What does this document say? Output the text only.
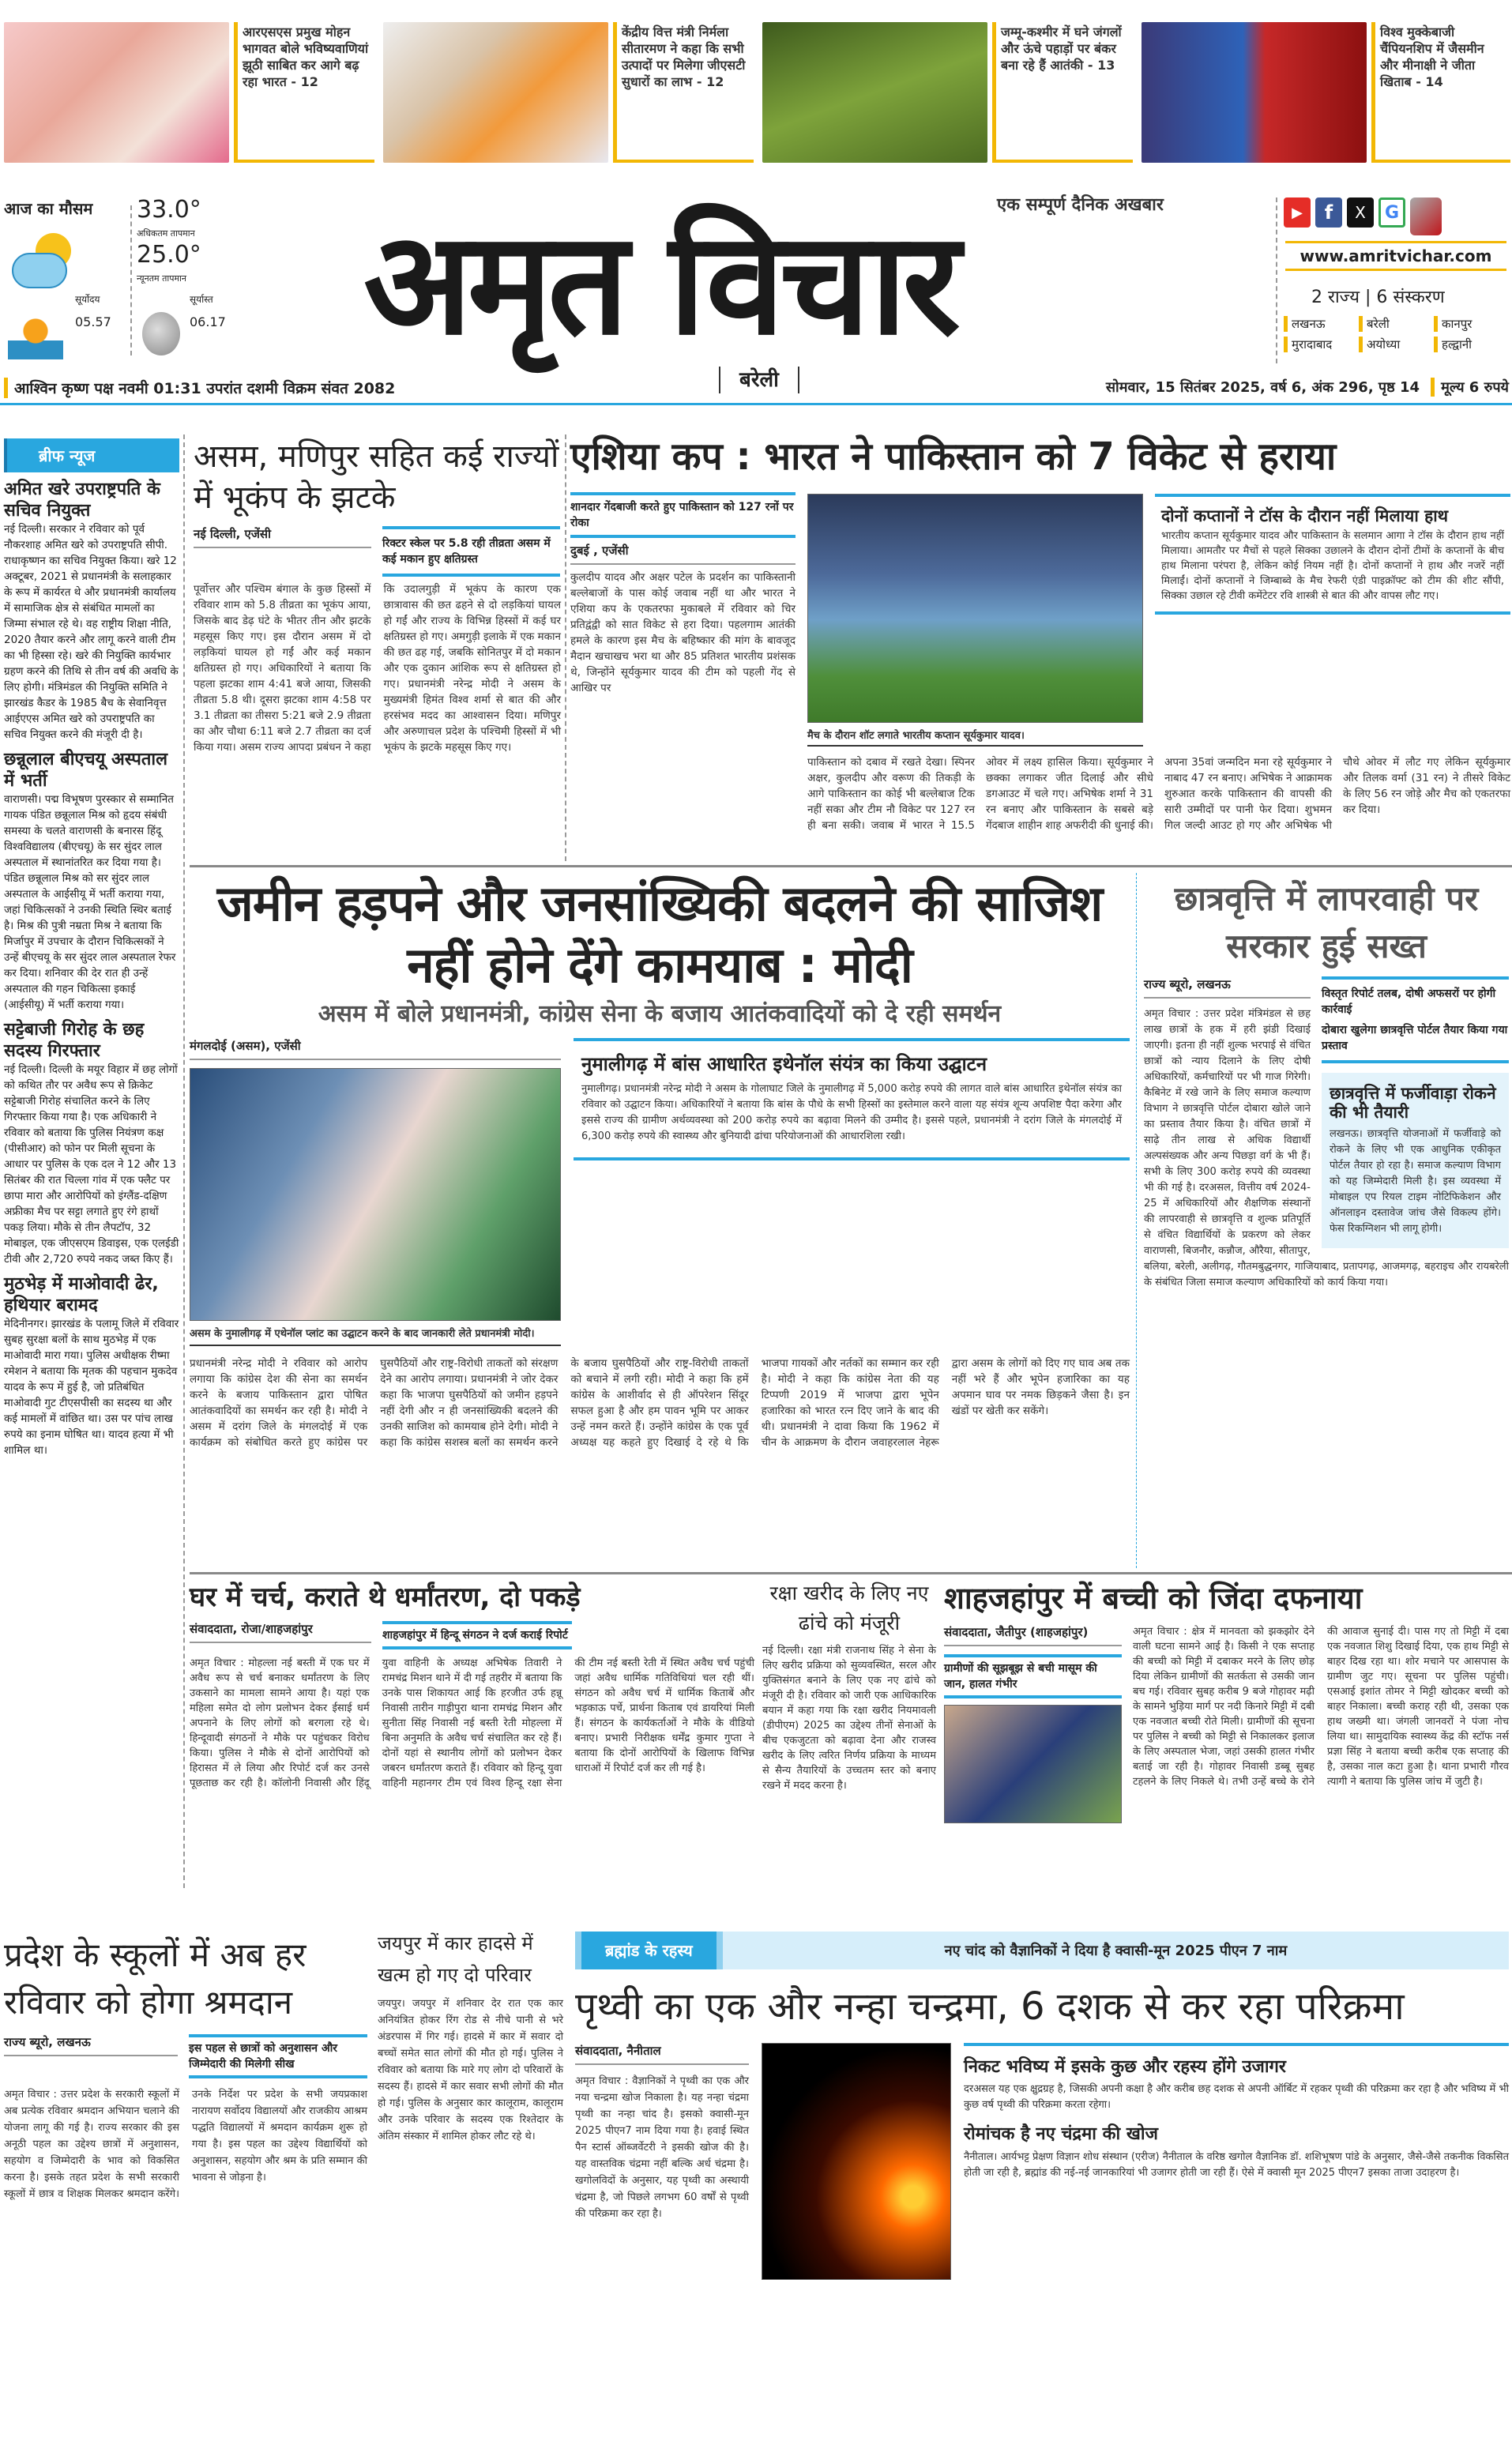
आरएसएस प्रमुख मोहन भागवत बोले भविष्यवाणियां झूठी साबित कर आगे बढ़ रहा भारत - 12
केंद्रीय वित्त मंत्री निर्मला सीतारमण ने कहा कि सभी उत्पादों पर मिलेगा जीएसटी सुधारों का लाभ - 12
जम्मू-कश्मीर में घने जंगलों और ऊंचे पहाड़ों पर बंकर बना रहे हैं आतंकी - 13
विश्व मुक्केबाजी चैंपियनशिप में जैसमीन और मीनाक्षी ने जीता खिताब - 14
आज का मौसम	33.0°
अधिकतम तापमान
25.0°
न्यूनतम तापमान
सूर्योदय
05.57
सूर्यास्त
06.17 अमृत विचार	एक सम्पूर्ण दैनिक अखबार
बरेली
▶	f	X	G
www.amritvichar.com
2 राज्य | 6 संस्करण
लखनऊ	बरेली	कानपुर
मुरादाबाद	अयोध्या	हल्द्वानी
आश्विन कृष्ण पक्ष नवमी 01:31 उपरांत दशमी विक्रम संवत 2082	सोमवार, 15 सितंबर 2025, वर्ष 6, अंक 296, पृष्ठ 14	मूल्य 6 रुपये
ब्रीफ न्यूज
अमित खरे उपराष्ट्रपति के सचिव नियुक्त

नई दिल्ली। सरकार ने रविवार को पूर्व नौकरशाह अमित खरे को उपराष्ट्रपति सीपी. राधाकृष्णन का सचिव नियुक्त किया। खरे 12 अक्टूबर, 2021 से प्रधानमंत्री के सलाहकार के रूप में कार्यरत थे और प्रधानमंत्री कार्यालय में सामाजिक क्षेत्र से संबंधित मामलों का जिम्मा संभाल रहे थे। वह राष्ट्रीय शिक्षा नीति, 2020 तैयार करने और लागू करने वाली टीम का भी हिस्सा रहे। खरे की नियुक्ति कार्यभार ग्रहण करने की तिथि से तीन वर्ष की अवधि के लिए होगी। मंत्रिमंडल की नियुक्ति समिति ने झारखंड कैडर के 1985 बैच के सेवानिवृत्त आईएएस अमित खरे को उपराष्ट्रपति का सचिव नियुक्त करने की मंजूरी दी है।

छन्नूलाल बीएचयू अस्पताल में भर्ती

वाराणसी। पद्म विभूषण पुरस्कार से सम्मानित गायक पंडित छन्नूलाल मिश्र को हृदय संबंधी समस्या के चलते वाराणसी के बनारस हिंदू विश्वविद्यालय (बीएचयू) के सर सुंदर लाल अस्पताल में स्थानांतरित कर दिया गया है। पंडित छन्नूलाल मिश्र को सर सुंदर लाल अस्पताल के आईसीयू में भर्ती कराया गया, जहां चिकित्सकों ने उनकी स्थिति स्थिर बताई है। मिश्र की पुत्री नम्रता मिश्र ने बताया कि मिर्जापुर में उपचार के दौरान चिकित्सकों ने उन्हें बीएचयू के सर सुंदर लाल अस्पताल रेफर कर दिया। शनिवार की देर रात ही उन्हें अस्पताल की गहन चिकित्सा इकाई (आईसीयू) में भर्ती कराया गया।

सट्टेबाजी गिरोह के छह सदस्य गिरफ्तार

नई दिल्ली। दिल्ली के मयूर विहार में छह लोगों को कथित तौर पर अवैध रूप से क्रिकेट सट्टेबाजी गिरोह संचालित करने के लिए गिरफ्तार किया गया है। एक अधिकारी ने रविवार को बताया कि पुलिस नियंत्रण कक्ष (पीसीआर) को फोन पर मिली सूचना के आधार पर पुलिस के एक दल ने 12 और 13 सितंबर की रात चिल्ला गांव में एक फ्लैट पर छापा मारा और आरोपियों को इंग्लैंड-दक्षिण अफ्रीका मैच पर सट्टा लगाते हुए रंगे हाथों पकड़ लिया। मौके से तीन लैपटॉप, 32 मोबाइल, एक जीएसएम डिवाइस, एक एलईडी टीवी और 2,720 रुपये नकद जब्त किए हैं।

मुठभेड़ में माओवादी ढेर, हथियार बरामद

मेदिनीनगर। झारखंड के पलामू जिले में रविवार सुबह सुरक्षा बलों के साथ मुठभेड़ में एक माओवादी मारा गया। पुलिस अधीक्षक रीष्मा रमेशन ने बताया कि मृतक की पहचान मुकदेव यादव के रूप में हुई है, जो प्रतिबंधित माओवादी गुट टीएसपीसी का सदस्य था और कई मामलों में वांछित था। उस पर पांच लाख रुपये का इनाम घोषित था। यादव हत्या में भी शामिल था।

असम, मणिपुर सहित कई राज्यों में भूकंप के झटके
नई दिल्ली, एजेंसी
रिक्टर स्केल पर 5.8 रही तीव्रता असम में कई मकान हुए क्षतिग्रस्त
पूर्वोत्तर और पश्चिम बंगाल के कुछ हिस्सों में रविवार शाम को 5.8 तीव्रता का भूकंप आया, जिसके बाद डेढ़ घंटे के भीतर तीन और झटके महसूस किए गए। इस दौरान असम में दो लड़कियां घायल हो गईं और कई मकान क्षतिग्रस्त हो गए। अधिकारियों ने बताया कि पहला झटका शाम 4:41 बजे आया, जिसकी तीव्रता 5.8 थी। दूसरा झटका शाम 4:58 पर 3.1 तीव्रता का तीसरा 5:21 बजे 2.9 तीव्रता का और चौथा 6:11 बजे 2.7 तीव्रता का दर्ज किया गया। असम राज्य आपदा प्रबंधन ने कहा कि उदालगुड़ी में भूकंप के कारण एक छात्रावास की छत ढहने से दो लड़कियां घायल हो गईं और राज्य के विभिन्न हिस्सों में कई घर क्षतिग्रस्त हो गए। अमगुड़ी इलाके में एक मकान की छत ढह गई, जबकि सोनितपुर में दो मकान और एक दुकान आंशिक रूप से क्षतिग्रस्त हो गए। प्रधानमंत्री नरेन्द्र मोदी ने असम के मुख्यमंत्री हिमंत विश्व शर्मा से बात की और हरसंभव मदद का आश्वासन दिया। मणिपुर और अरुणाचल प्रदेश के पश्चिमी हिस्सों में भी भूकंप के झटके महसूस किए गए।
एशिया कप : भारत ने पाकिस्तान को 7 विकेट से हराया
शानदार गेंदबाजी करते हुए पाकिस्तान को 127 रनों पर रोका
दुबई , एजेंसी
कुलदीप यादव और अक्षर पटेल के प्रदर्शन का पाकिस्तानी बल्लेबाजों के पास कोई जवाब नहीं था और भारत ने एशिया कप के एकतरफा मुकाबले में रविवार को चिर प्रतिद्वंद्वी को सात विकेट से हरा दिया। पहलगाम आतंकी हमले के कारण इस मैच के बहिष्कार की मांग के बावजूद मैदान खचाखच भरा था और 85 प्रतिशत भारतीय प्रशंसक थे, जिन्होंने सूर्यकुमार यादव की टीम को पहली गेंद से आखिर पर
मैच के दौरान शॉट लगाते भारतीय कप्तान सूर्यकुमार यादव।
दोनों कप्तानों ने टॉस के दौरान नहीं मिलाया हाथ
भारतीय कप्तान सूर्यकुमार यादव और पाकिस्तान के सलमान आगा ने टॉस के दौरान हाथ नहीं मिलाया। आमतौर पर मैचों से पहले सिक्का उछालने के दौरान दोनों टीमों के कप्तानों के बीच हाथ मिलाना परंपरा है, लेकिन कोई नियम नहीं है। दोनों कप्तानों ने हाथ और नजरें नहीं मिलाईं। दोनों कप्तानों ने जिम्बाब्वे के मैच रेफरी एंडी पाइक्रॉफ्ट को टीम की शीट सौंपी, सिक्का उछाल रहे टीवी कमेंटेटर रवि शास्त्री से बात की और वापस लौट गए।
पाकिस्तान को दबाव में रखते देखा। स्पिनर अक्षर, कुलदीप और वरूण की तिकड़ी के आगे पाकिस्तान का कोई भी बल्लेबाज टिक नहीं सका और टीम नौ विकेट पर 127 रन ही बना सकी। जवाब में भारत ने 15.5 ओवर में लक्ष्य हासिल किया। सूर्यकुमार ने छक्का लगाकर जीत दिलाई और सीधे डगआउट में चले गए। अभिषेक शर्मा ने 31 रन बनाए और पाकिस्तान के सबसे बड़े गेंदबाज शाहीन शाह अफरीदी की धुनाई की। अपना 35वां जन्मदिन मना रहे सूर्यकुमार ने नाबाद 47 रन बनाए। अभिषेक ने आक्रामक शुरुआत करके पाकिस्तान की वापसी की सारी उम्मीदों पर पानी फेर दिया। शुभमन गिल जल्दी आउट हो गए और अभिषेक भी चौथे ओवर में लौट गए लेकिन सूर्यकुमार और तिलक वर्मा (31 रन) ने तीसरे विकेट के लिए 56 रन जोड़े और मैच को एकतरफा कर दिया।
जमीन हड़पने और जनसांख्यिकी बदलने की साजिश नहीं होने देंगे कामयाब : मोदी
असम में बोले प्रधानमंत्री, कांग्रेस सेना के बजाय आतंकवादियों को दे रही समर्थन
मंगलदोई (असम), एजेंसी
असम के नुमालीगढ़ में एथेनॉल प्लांट का उद्घाटन करने के बाद जानकारी लेते प्रधानमंत्री मोदी।
नुमालीगढ़ में बांस आधारित इथेनॉल संयंत्र का किया उद्घाटन
नुमालीगढ़। प्रधानमंत्री नरेन्द्र मोदी ने असम के गोलाघाट जिले के नुमालीगढ़ में 5,000 करोड़ रुपये की लागत वाले बांस आधारित इथेनॉल संयंत्र का रविवार को उद्घाटन किया। अधिकारियों ने बताया कि बांस के पौधे के सभी हिस्सों का इस्तेमाल करने वाला यह संयंत्र शून्य अपशिष्ट पैदा करेगा और इससे राज्य की ग्रामीण अर्थव्यवस्था को 200 करोड़ रुपये का बढ़ावा मिलने की उम्मीद है। इससे पहले, प्रधानमंत्री ने दरांग जिले के मंगलदोई में 6,300 करोड़ रुपये की स्वास्थ्य और बुनियादी ढांचा परियोजनाओं की आधारशिला रखी।
प्रधानमंत्री नरेन्द्र मोदी ने रविवार को आरोप लगाया कि कांग्रेस देश की सेना का समर्थन करने के बजाय पाकिस्तान द्वारा पोषित आतंकवादियों का समर्थन कर रही है। मोदी ने असम में दरांग जिले के मंगलदोई में एक कार्यक्रम को संबोधित करते हुए कांग्रेस पर घुसपैठियों और राष्ट्र-विरोधी ताकतों को संरक्षण देने का आरोप लगाया। प्रधानमंत्री ने जोर देकर कहा कि भाजपा घुसपैठियों को जमीन हड़पने नहीं देगी और न ही जनसांख्यिकी बदलने की उनकी साजिश को कामयाब होने देगी। मोदी ने कहा कि कांग्रेस सशस्त्र बलों का समर्थन करने के बजाय घुसपैठियों और राष्ट्र-विरोधी ताकतों को बचाने में लगी रही। मोदी ने कहा कि हमें कांग्रेस के आशीर्वाद से ही ऑपरेशन सिंदूर सफल हुआ है और हम पावन भूमि पर आकर उन्हें नमन करते हैं। उन्होंने कांग्रेस के एक पूर्व अध्यक्ष यह कहते हुए दिखाई दे रहे थे कि भाजपा गायकों और नर्तकों का सम्मान कर रही है। मोदी ने कहा कि कांग्रेस नेता की यह टिप्पणी 2019 में भाजपा द्वारा भूपेन हजारिका को भारत रत्न दिए जाने के बाद की थी। प्रधानमंत्री ने दावा किया कि 1962 में चीन के आक्रमण के दौरान जवाहरलाल नेहरू द्वारा असम के लोगों को दिए गए घाव अब तक नहीं भरे हैं और भूपेन हजारिका का यह अपमान घाव पर नमक छिड़कने जैसा है। इन खंडों पर खेती कर सकेंगे।
छात्रवृत्ति में लापरवाही पर सरकार हुई सख्त
विस्तृत रिपोर्ट तलब, दोषी अफसरों पर होगी कार्रवाई
दोबारा खुलेगा छात्रवृत्ति पोर्टल तैयार किया गया प्रस्ताव
छात्रवृत्ति में फर्जीवाड़ा रोकने की भी तैयारी
लखनऊ। छात्रवृत्ति योजनाओं में फर्जीवाड़े को रोकने के लिए भी एक आधुनिक एकीकृत पोर्टल तैयार हो रहा है। समाज कल्याण विभाग को यह जिम्मेदारी मिली है। इस व्यवस्था में मोबाइल एप रियल टाइम नोटिफिकेशन और ऑनलाइन दस्तावेज जांच जैसे विकल्प होंगे। फेस रिकग्निशन भी लागू होगी।
राज्य ब्यूरो, लखनऊ
अमृत विचार : उत्तर प्रदेश मंत्रिमंडल से छह लाख छात्रों के हक में हरी झंडी दिखाई जाएगी। इतना ही नहीं शुल्क भरपाई से वंचित छात्रों को न्याय दिलाने के लिए दोषी अधिकारियों, कर्मचारियों पर भी गाज गिरेगी। कैबिनेट में रखे जाने के लिए समाज कल्याण विभाग ने छात्रवृत्ति पोर्टल दोबारा खोले जाने का प्रस्ताव तैयार किया है। वंचित छात्रों में साढ़े तीन लाख से अधिक विद्यार्थी अल्पसंख्यक और अन्य पिछड़ा वर्ग के भी हैं। सभी के लिए 300 करोड़ रुपये की व्यवस्था भी की गई है। दरअसल, वित्तीय वर्ष 2024-25 में अधिकारियों और शैक्षणिक संस्थानों की लापरवाही से छात्रवृत्ति व शुल्क प्रतिपूर्ति से वंचित विद्यार्थियों के प्रकरण को लेकर वाराणसी, बिजनौर, कन्नौज, औरैया, सीतापुर, बलिया, बरेली, अलीगढ़, गौतमबुद्धनगर, गाजियाबाद, प्रतापगढ़, आजमगढ़, बहराइच और रायबरेली के संबंधित जिला समाज कल्याण अधिकारियों को कार्य किया गया।
घर में चर्च, कराते थे धर्मांतरण, दो पकड़े
संवाददाता, रोजा/शाहजहांपुर	शाहजहांपुर में हिन्दू संगठन ने दर्ज कराई रिपोर्ट
अमृत विचार : मोहल्ला नई बस्ती में एक घर में अवैध रूप से चर्च बनाकर धर्मांतरण के लिए उकसाने का मामला सामने आया है। यहां एक महिला समेत दो लोग प्रलोभन देकर ईसाई धर्म अपनाने के लिए लोगों को बरगला रहे थे। हिन्दूवादी संगठनों ने मौके पर पहुंचकर विरोध किया। पुलिस ने मौके से दोनों आरोपियों को हिरासत में ले लिया और रिपोर्ट दर्ज कर उनसे पूछताछ कर रही है। कॉलोनी निवासी और हिंदू युवा वाहिनी के अध्यक्ष अभिषेक तिवारी ने रामचंद्र मिशन थाने में दी गई तहरीर में बताया कि उनके पास शिकायत आई कि हरजीत उर्फ हन्नू निवासी तारीन गाड़ीपुरा थाना रामचंद्र मिशन और सुनीता सिंह निवासी नई बस्ती रेती मोहल्ला में बिना अनुमति के अवैध चर्च संचालित कर रहे हैं। दोनों यहां से स्थानीय लोगों को प्रलोभन देकर जबरन धर्मांतरण कराते हैं। रविवार को हिन्दू युवा वाहिनी महानगर टीम एवं विश्व हिन्दू रक्षा सेना की टीम नई बस्ती रेती में स्थित अवैध चर्च पहुंची जहां अवैध धार्मिक गतिविधियां चल रही थीं। संगठन को अवैध चर्च में धार्मिक किताबें और भड़काऊ पर्चे, प्रार्थना किताब एवं डायरियां मिली हैं। संगठन के कार्यकर्ताओं ने मौके के वीडियो बनाए। प्रभारी निरीक्षक धर्मेंद्र कुमार गुप्ता ने बताया कि दोनों आरोपियों के खिलाफ विभिन्न धाराओं में रिपोर्ट दर्ज कर ली गई है।
रक्षा खरीद के लिए नए ढांचे को मंजूरी
नई दिल्ली। रक्षा मंत्री राजनाथ सिंह ने सेना के लिए खरीद प्रक्रिया को सुव्यवस्थित, सरल और युक्तिसंगत बनाने के लिए एक नए ढांचे को मंजूरी दी है। रविवार को जारी एक आधिकारिक बयान में कहा गया कि रक्षा खरीद नियमावली (डीपीएम) 2025 का उद्देश्य तीनों सेनाओं के बीच एकजुटता को बढ़ावा देना और राजस्व खरीद के लिए त्वरित निर्णय प्रक्रिया के माध्यम से सैन्य तैयारियों के उच्चतम स्तर को बनाए रखने में मदद करना है।
शाहजहांपुर में बच्ची को जिंदा दफनाया
संवाददाता, जैतीपुर (शाहजहांपुर)
ग्रामीणों की सूझबूझ से बची मासूम की जान, हालत गंभीर
अमृत विचार : क्षेत्र में मानवता को झकझोर देने वाली घटना सामने आई है। किसी ने एक सप्ताह की बच्ची को मिट्टी में दबाकर मरने के लिए छोड़ दिया लेकिन ग्रामीणों की सतर्कता से उसकी जान बच गई। रविवार सुबह करीब 9 बजे गोहावर मढ़ी के सामने भुड़िया मार्ग पर नदी किनारे मिट्टी में दबी एक नवजात बच्ची रोते मिली। ग्रामीणों की सूचना पर पुलिस ने बच्ची को मिट्टी से निकालकर इलाज के लिए अस्पताल भेजा, जहां उसकी हालत गंभीर बताई जा रही है। गोहावर निवासी डब्बू सुबह टहलने के लिए निकले थे। तभी उन्हें बच्चे के रोने की आवाज सुनाई दी। पास गए तो मिट्टी में दबा एक नवजात शिशु दिखाई दिया, एक हाथ मिट्टी से बाहर दिख रहा था। शोर मचाने पर आसपास के ग्रामीण जुट गए। सूचना पर पुलिस पहुंची। एसआई इशांत तोमर ने मिट्टी खोदकर बच्ची को बाहर निकाला। बच्ची कराह रही थी, उसका एक हाथ जख्मी था। जंगली जानवरों ने पंजा नोच लिया था। सामुदायिक स्वास्थ्य केंद्र की स्टॉफ नर्स प्रज्ञा सिंह ने बताया बच्ची करीब एक सप्ताह की है, उसका नाल कटा हुआ है। थाना प्रभारी गौरव त्यागी ने बताया कि पुलिस जांच में जुटी है।
प्रदेश के स्कूलों में अब हर रविवार को होगा श्रमदान
राज्य ब्यूरो, लखनऊ	इस पहल से छात्रों को अनुशासन और जिम्मेदारी की मिलेगी सीख
अमृत विचार : उत्तर प्रदेश के सरकारी स्कूलों में अब प्रत्येक रविवार श्रमदान अभियान चलाने की योजना लागू की गई है। राज्य सरकार की इस अनूठी पहल का उद्देश्य छात्रों में अनुशासन, सहयोग व जिम्मेदारी के भाव को विकसित करना है। इसके तहत प्रदेश के सभी सरकारी स्कूलों में छात्र व शिक्षक मिलकर श्रमदान करेंगे। उनके निर्देश पर प्रदेश के सभी जयप्रकाश नारायण सर्वोदय विद्यालयों और राजकीय आश्रम पद्धति विद्यालयों में श्रमदान कार्यक्रम शुरू हो गया है। इस पहल का उद्देश्य विद्यार्थियों को अनुशासन, सहयोग और श्रम के प्रति सम्मान की भावना से जोड़ना है।
जयपुर में कार हादसे में खत्म हो गए दो परिवार
जयपुर। जयपुर में शनिवार देर रात एक कार अनियंत्रित होकर रिंग रोड से नीचे पानी से भरे अंडरपास में गिर गई। हादसे में कार में सवार दो बच्चों समेत सात लोगों की मौत हो गई। पुलिस ने रविवार को बताया कि मारे गए लोग दो परिवारों के सदस्य हैं। हादसे में कार सवार सभी लोगों की मौत हो गई। पुलिस के अनुसार कार कालूराम, कालूराम और उनके परिवार के सदस्य एक रिश्तेदार के अंतिम संस्कार में शामिल होकर लौट रहे थे।
ब्रह्मांड के रहस्य	नए चांद को वैज्ञानिकों ने दिया है क्वासी-मून 2025 पीएन 7 नाम
पृथ्वी का एक और नन्हा चन्द्रमा, 6 दशक से कर रहा परिक्रमा
संवाददाता, नैनीताल
अमृत विचार : वैज्ञानिकों ने पृथ्वी का एक और नया चन्द्रमा खोज निकाला है। यह नन्हा चंद्रमा पृथ्वी का नन्हा चांद है। इसको क्वासी-मून 2025 पीएन7 नाम दिया गया है। हवाई स्थित पैन स्टार्स ऑब्जर्वेटरी ने इसकी खोज की है। यह वास्तविक चंद्रमा नहीं बल्कि अर्ध चंद्रमा है। खगोलविदों के अनुसार, यह पृथ्वी का अस्थायी चंद्रमा है, जो पिछले लगभग 60 वर्षों से पृथ्वी की परिक्रमा कर रहा है।
निकट भविष्य में इसके कुछ और रहस्य होंगे उजागर
दरअसल यह एक क्षुद्रग्रह है, जिसकी अपनी कक्षा है और करीब छह दशक से अपनी ऑर्बिट में रहकर पृथ्वी की परिक्रमा कर रहा है और भविष्य में भी कुछ वर्ष पृथ्वी की परिक्रमा करता रहेगा।
रोमांचक है नए चंद्रमा की खोज
नैनीताल। आर्यभट्ट प्रेक्षण विज्ञान शोध संस्थान (एरीज) नैनीताल के वरिष्ठ खगोल वैज्ञानिक डॉ. शशिभूषण पांडे के अनुसार, जैसे-जैसे तकनीक विकसित होती जा रही है, ब्रह्मांड की नई-नई जानकारियां भी उजागर होती जा रही हैं। ऐसे में क्वासी मून 2025 पीएन7 इसका ताजा उदाहरण है।
